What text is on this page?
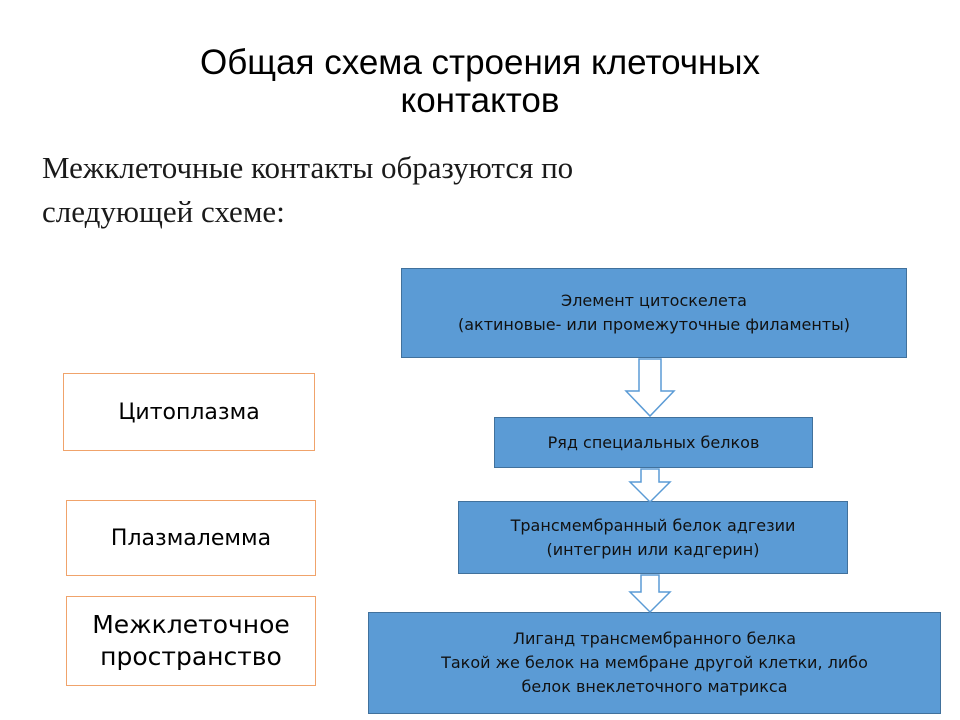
Общая схема строения клеточных
контактов
Межклеточные контакты образуются по
следующей схеме:
Цитоплазма
Плазмалемма
Межклеточное
пространство
Элемент цитоскелета
(актиновые- или промежуточные филаменты)
Ряд специальных белков
Трансмембранный белок адгезии
(интегрин или кадгерин)
Лиганд трансмембранного белка
Такой же белок на мембране другой клетки, либо
белок внеклеточного матрикса
